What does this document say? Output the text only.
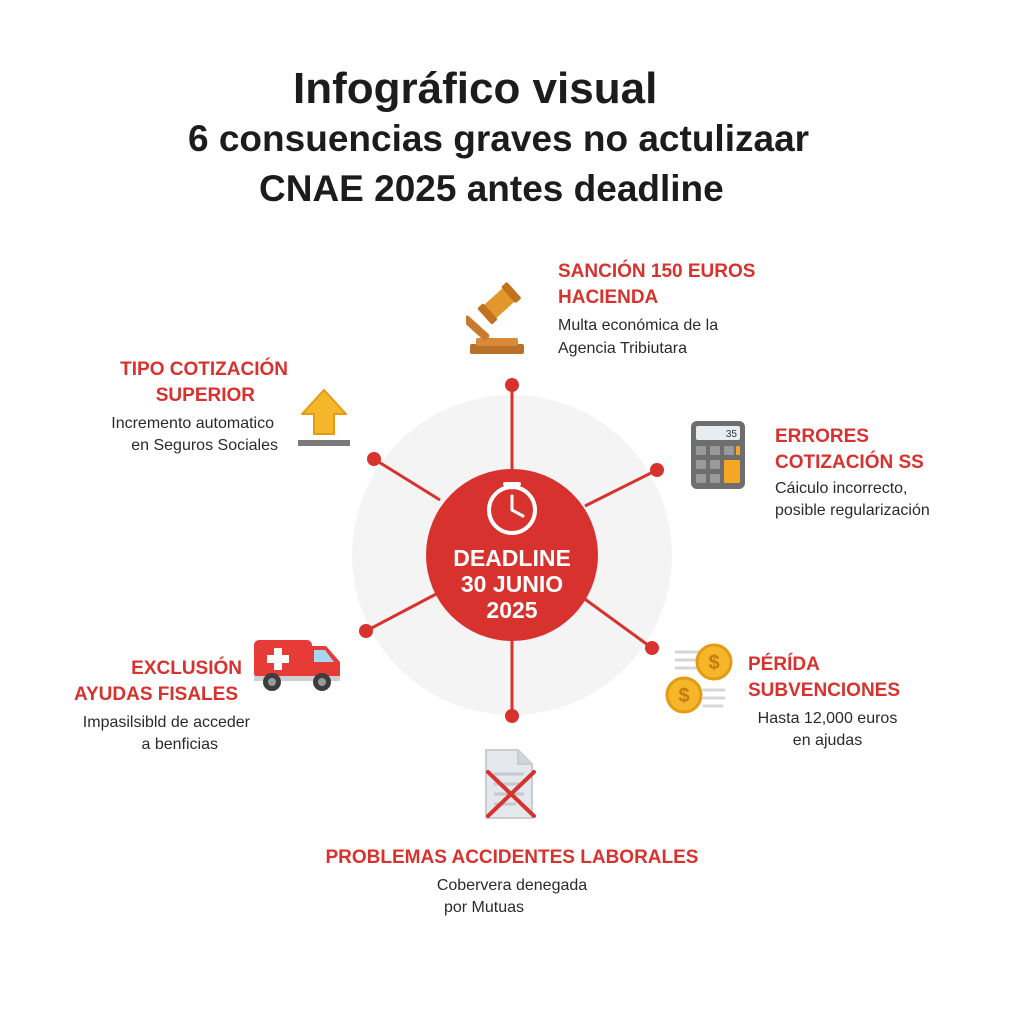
Infográfico visual
6 consuencias graves no actulizaar
CNAE 2025 antes deadline
DEADLINE
30 JUNIO
2025
SANCIÓN 150 EUROS
HACIENDA
Multa económica de la
Agencia Tribiutara
35 ERRORES
COTIZACIÓN SS
Cáiculo incorrecto,
posible regularización
$
$
PÉRÍDA
SUBVENCIONES
Hasta 12,000 euros
en ajudas
PROBLEMAS ACCIDENTES LABORALES
Cobervera denegada
por Mutuas
EXCLUSIÓN
AYUDAS FISALES
Impasilsibld de acceder
a benficias
TIPO COTIZACIÓN
SUPERIOR
Incremento automatico
en Seguros Sociales
